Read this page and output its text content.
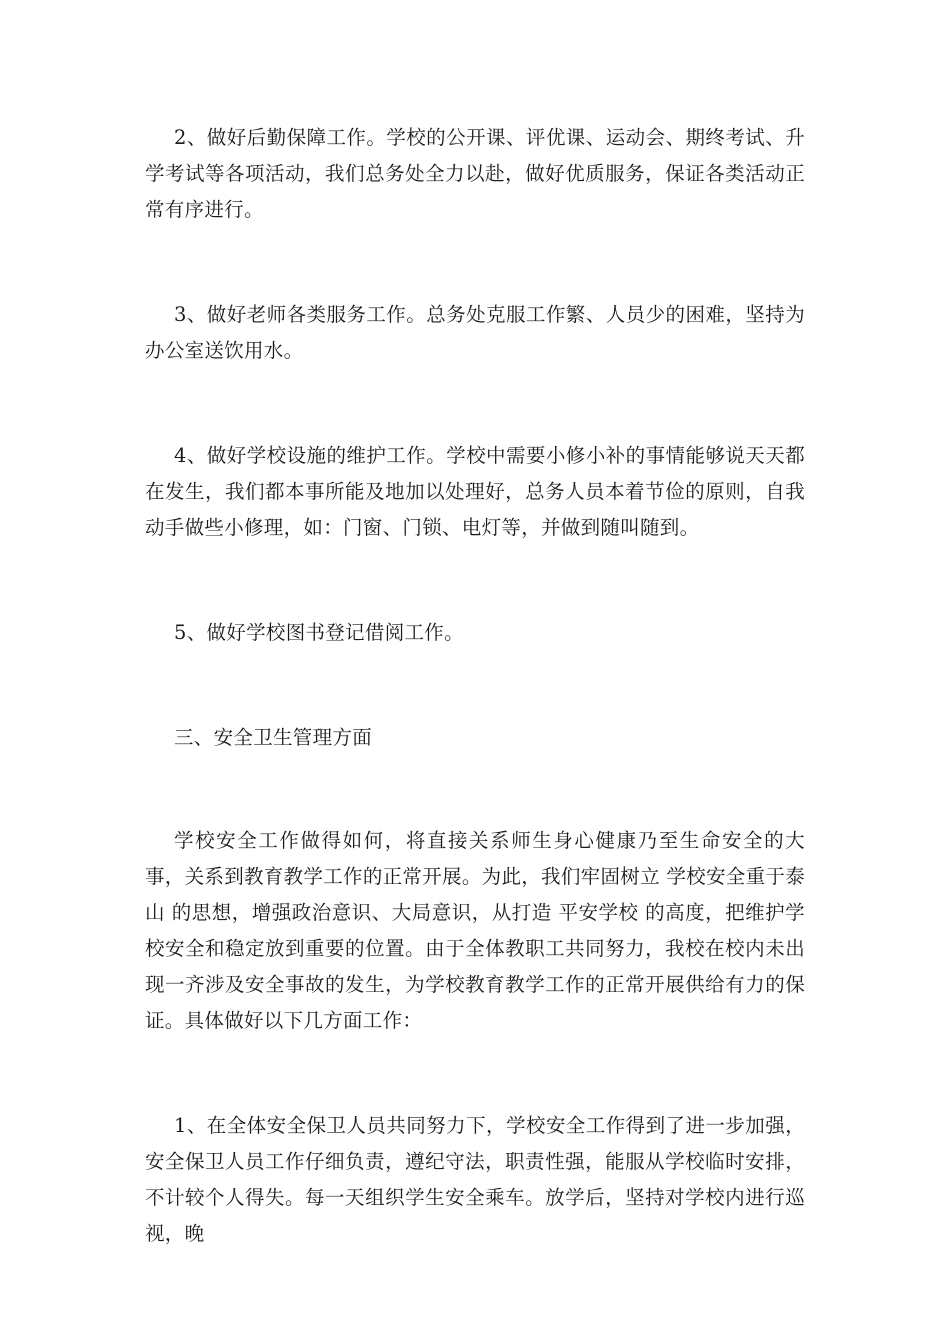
2、做好后勤保障工作。学校的公开课、评优课、运动会、期终考试、升学考试等各项活动，我们总务处全力以赴，做好优质服务，保证各类活动正常有序进行。

3、做好老师各类服务工作。总务处克服工作繁、人员少的困难，坚持为办公室送饮用水。

4、做好学校设施的维护工作。学校中需要小修小补的事情能够说天天都在发生，我们都本事所能及地加以处理好，总务人员本着节俭的原则，自我动手做些小修理，如：门窗、门锁、电灯等，并做到随叫随到。

5、做好学校图书登记借阅工作。

三、安全卫生管理方面

学校安全工作做得如何，将直接关系师生身心健康乃至生命安全的大事，关系到教育教学工作的正常开展。为此，我们牢固树立 学校安全重于泰山 的思想，增强政治意识、大局意识，从打造 平安学校 的高度，把维护学校安全和稳定放到重要的位置。由于全体教职工共同努力，我校在校内未出现一齐涉及安全事故的发生，为学校教育教学工作的正常开展供给有力的保证。具体做好以下几方面工作：

1、在全体安全保卫人员共同努力下，学校安全工作得到了进一步加强，安全保卫人员工作仔细负责，遵纪守法，职责性强，能服从学校临时安排，不计较个人得失。每一天组织学生安全乘车。放学后，坚持对学校内进行巡视，晚
